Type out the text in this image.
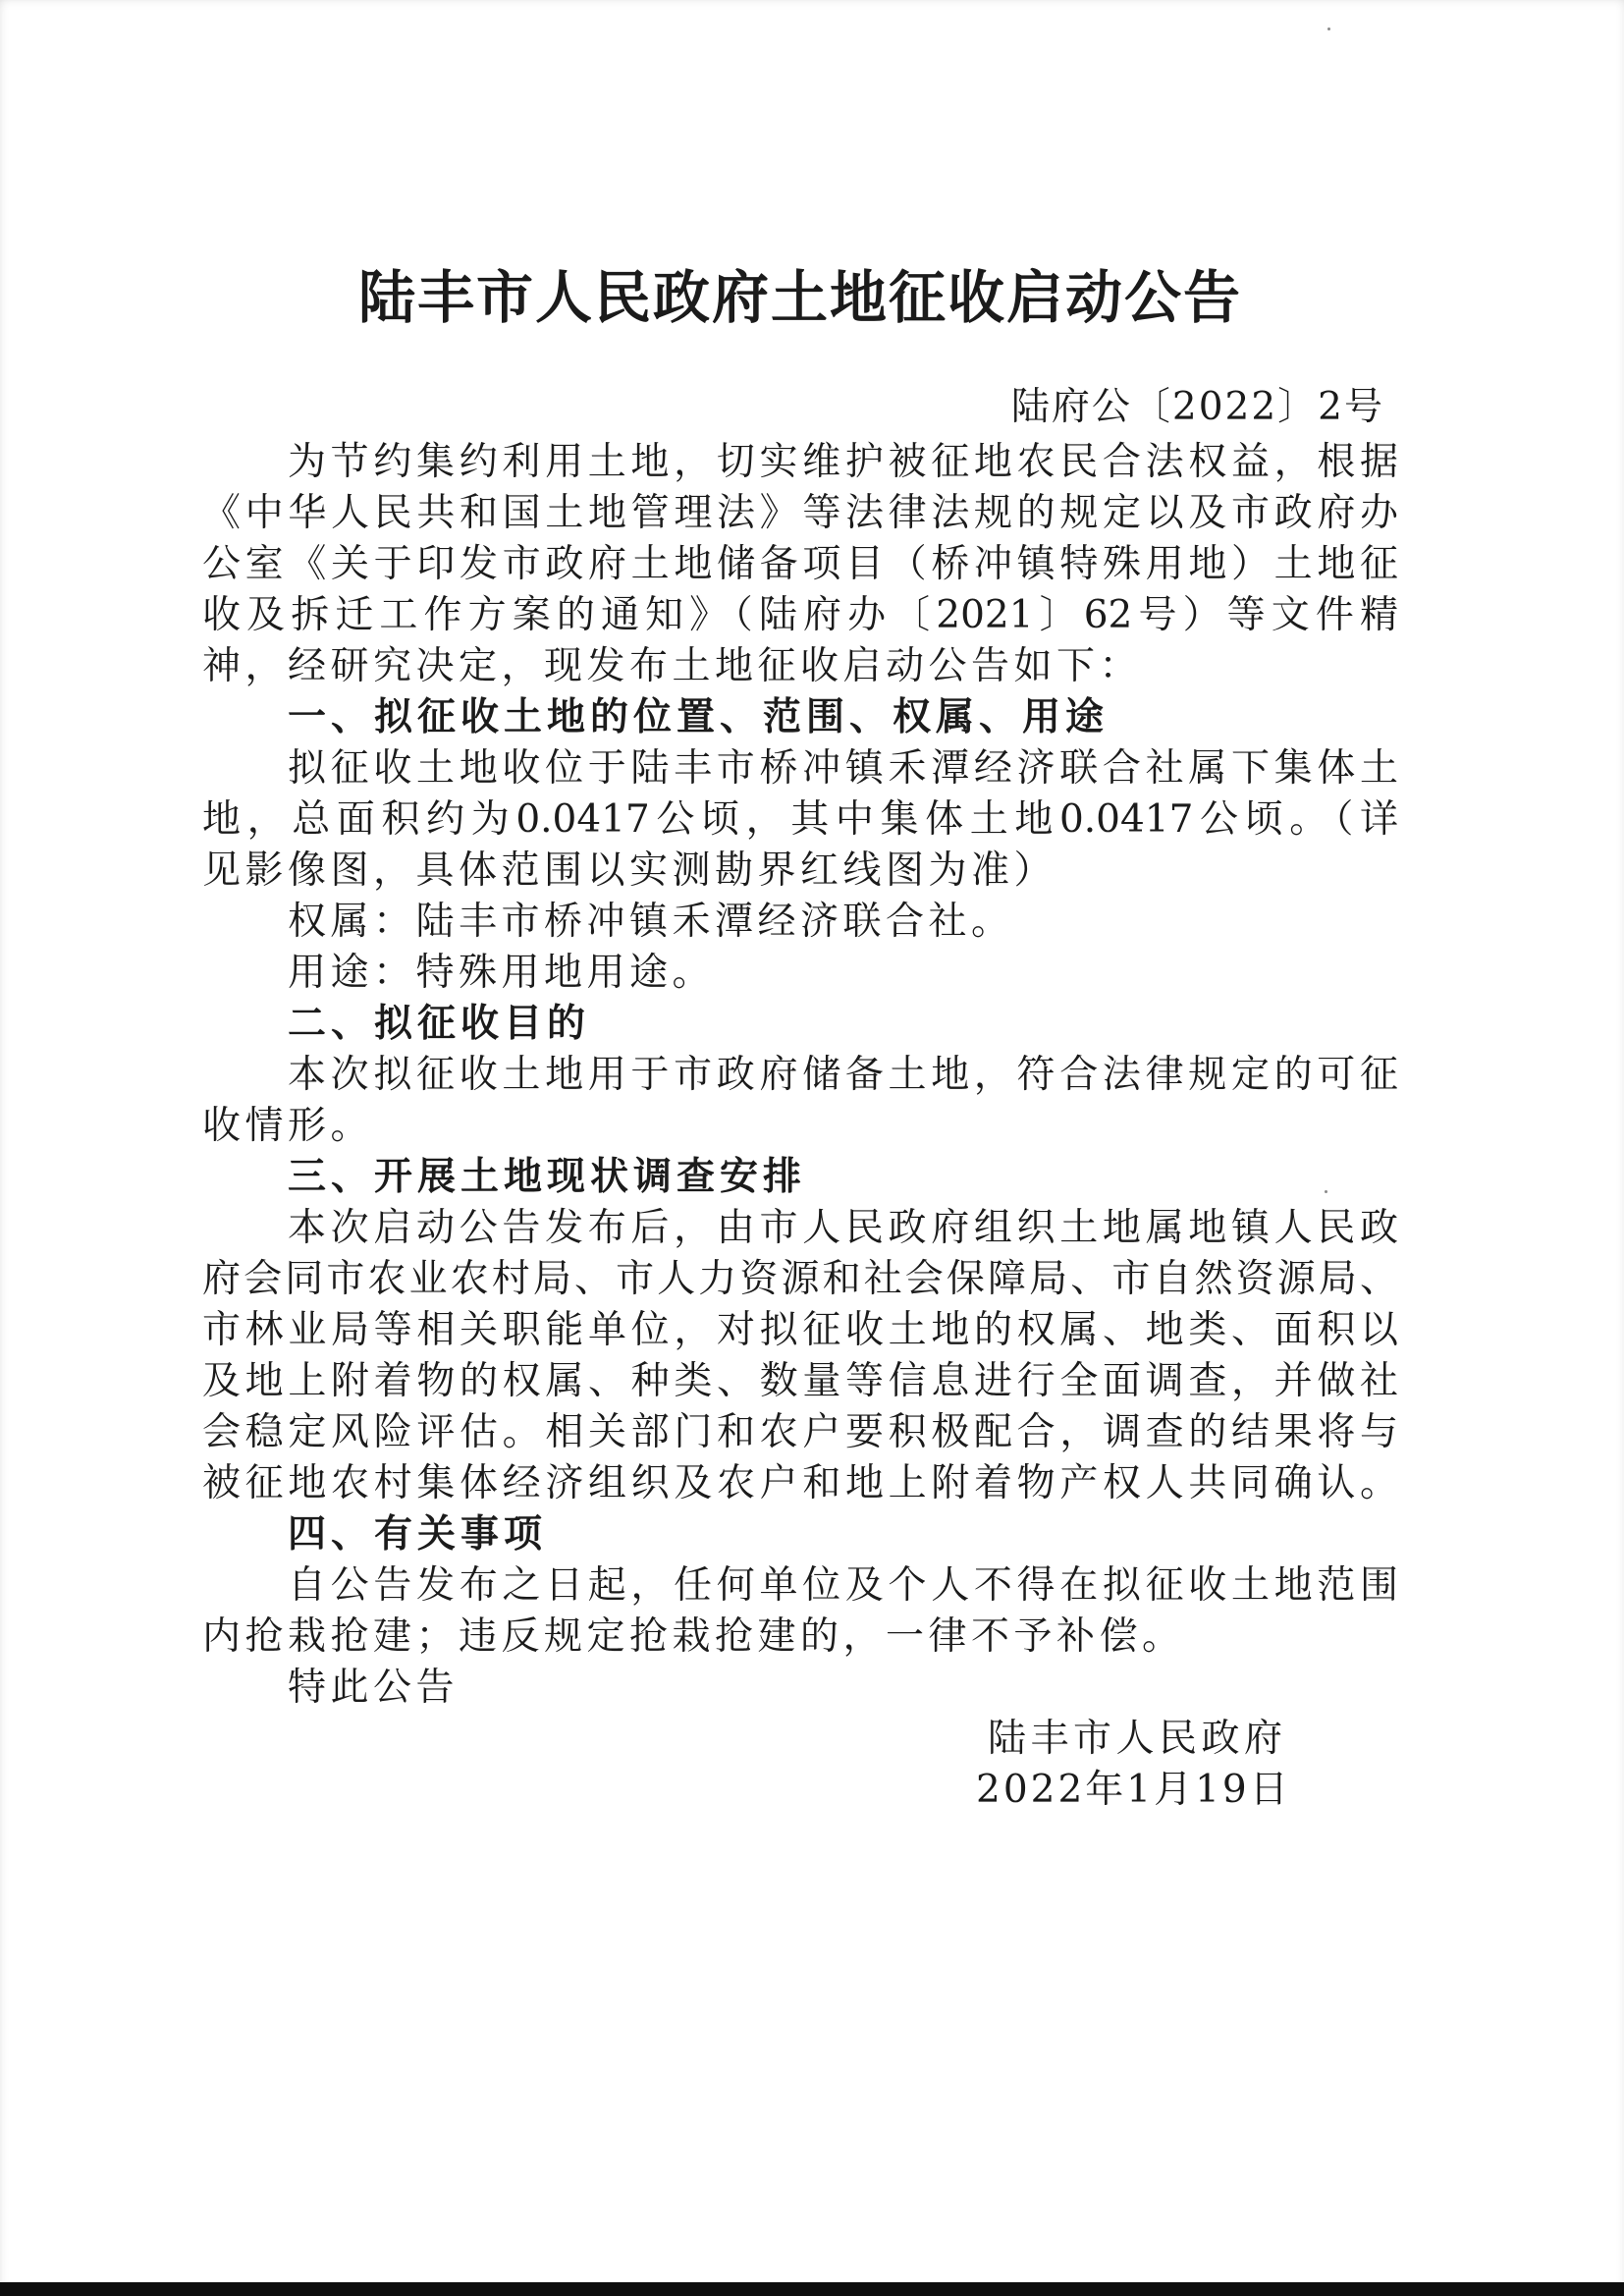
陆丰市人民政府土地征收启动公告
陆府公〔2022〕2号
为节约集约利用土地，切实维护被征地农民合法权益，根据
《中华人民共和国土地管理法》等法律法规的规定以及市政府办
公室《关于印发市政府土地储备项目（桥冲镇特殊用地）土地征
收及拆迁工作方案的通知》（陆府办〔2021〕62号）等文件精
神，经研究决定，现发布土地征收启动公告如下：
一、拟征收土地的位置、范围、权属、用途
拟征收土地收位于陆丰市桥冲镇禾潭经济联合社属下集体土
地，总面积约为0.0417公顷，其中集体土地0.0417公顷。（详
见影像图，具体范围以实测勘界红线图为准）
权属：陆丰市桥冲镇禾潭经济联合社。
用途：特殊用地用途。
二、拟征收目的
本次拟征收土地用于市政府储备土地，符合法律规定的可征
收情形。
三、开展土地现状调查安排
本次启动公告发布后，由市人民政府组织土地属地镇人民政
府会同市农业农村局、市人力资源和社会保障局、市自然资源局、
市林业局等相关职能单位，对拟征收土地的权属、地类、面积以
及地上附着物的权属、种类、数量等信息进行全面调查，并做社
会稳定风险评估。相关部门和农户要积极配合，调查的结果将与
被征地农村集体经济组织及农户和地上附着物产权人共同确认。
四、有关事项
自公告发布之日起，任何单位及个人不得在拟征收土地范围
内抢栽抢建；违反规定抢栽抢建的，一律不予补偿。
特此公告
陆丰市人民政府
2022年1月19日
